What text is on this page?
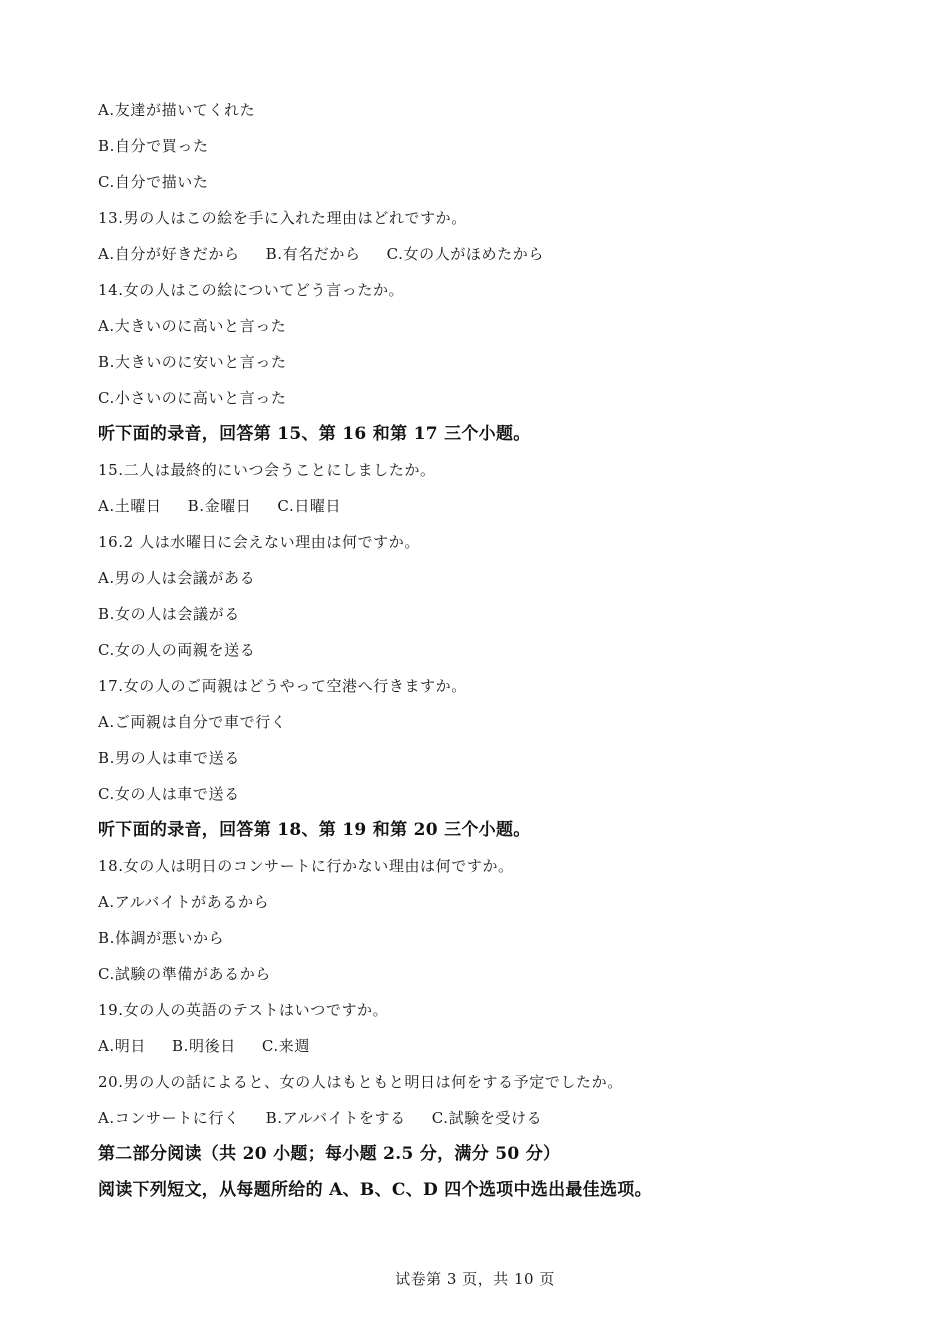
A.友達が描いてくれた
B.自分で買った
C.自分で描いた
13.男の人はこの絵を手に入れた理由はどれですか。
A.自分が好きだから B.有名だから C.女の人がほめたから
14.女の人はこの絵についてどう言ったか。
A.大きいのに高いと言った
B.大きいのに安いと言った
C.小さいのに高いと言った
听下面的录音，回答第 15、第 16 和第 17 三个小题。
15.二人は最終的にいつ会うことにしましたか。
A.土曜日 B.金曜日 C.日曜日
16.2 人は水曜日に会えない理由は何ですか。
A.男の人は会議がある
B.女の人は会議がる
C.女の人の両親を送る
17.女の人のご両親はどうやって空港へ行きますか。
A.ご両親は自分で車で行く
B.男の人は車で送る
C.女の人は車で送る
听下面的录音，回答第 18、第 19 和第 20 三个小题。
18.女の人は明日のコンサートに行かない理由は何ですか。
A.アルバイトがあるから
B.体調が悪いから
C.試験の準備があるから
19.女の人の英語のテストはいつですか。
A.明日 B.明後日 C.来週
20.男の人の話によると、女の人はもともと明日は何をする予定でしたか。
A.コンサートに行く B.アルバイトをする C.試験を受ける
第二部分阅读（共 20 小题；每小题 2.5 分，满分 50 分）
阅读下列短文，从每题所给的 A、B、C、D 四个选项中选出最佳选项。
试卷第 3 页，共 10 页
